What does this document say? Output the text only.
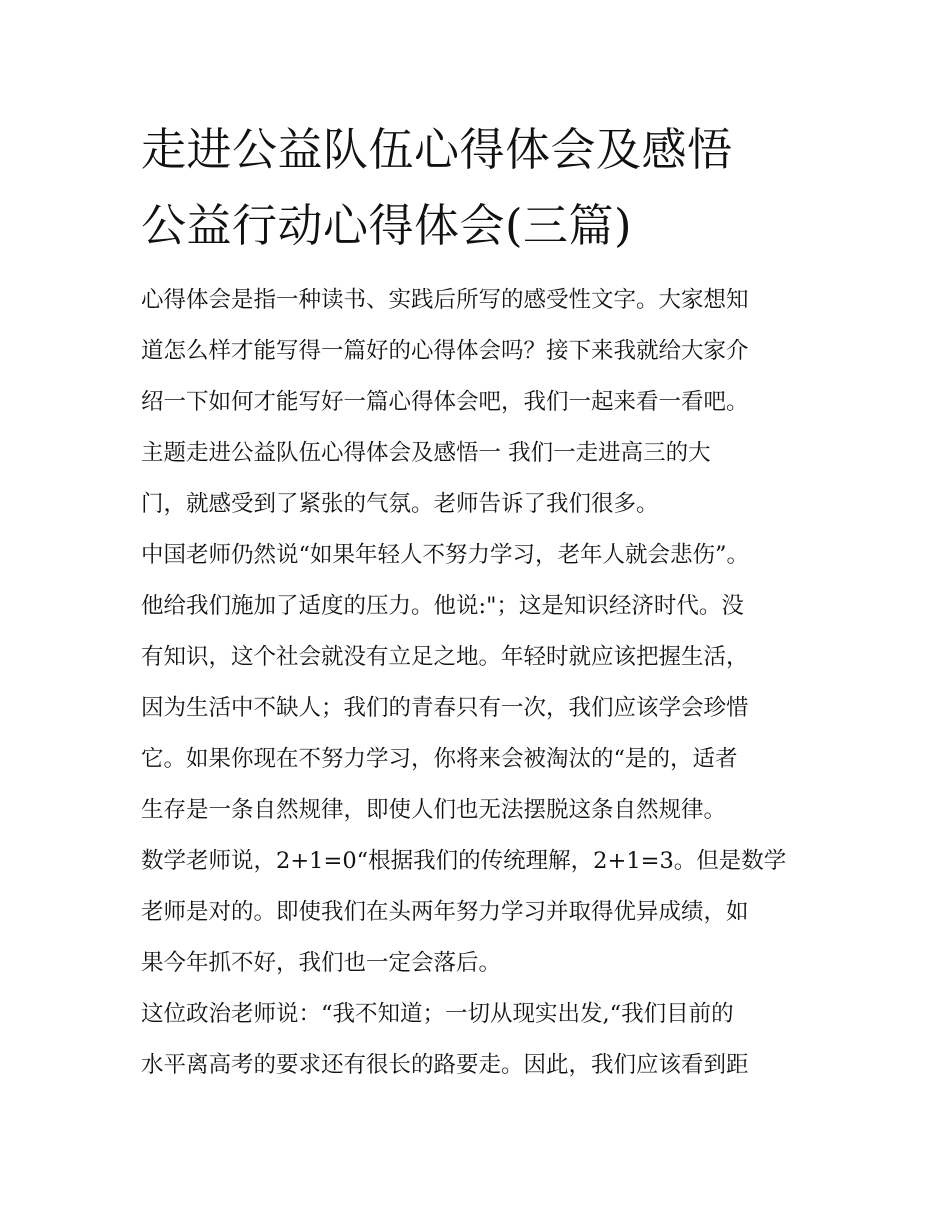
走进公益队伍心得体会及感悟
公益行动心得体会(三篇)
心得体会是指一种读书、实践后所写的感受性文字。大家想知
道怎么样才能写得一篇好的心得体会吗？接下来我就给大家介
绍一下如何才能写好一篇心得体会吧，我们一起来看一看吧。
主题走进公益队伍心得体会及感悟一 我们一走进高三的大
门，就感受到了紧张的气氛。老师告诉了我们很多。
中国老师仍然说“如果年轻人不努力学习，老年人就会悲伤”。
他给我们施加了适度的压力。他说:"；这是知识经济时代。没
有知识，这个社会就没有立足之地。年轻时就应该把握生活，
因为生活中不缺人；我们的青春只有一次，我们应该学会珍惜
它。如果你现在不努力学习，你将来会被淘汰的“是的，适者
生存是一条自然规律，即使人们也无法摆脱这条自然规律。
数学老师说，2+1=0“根据我们的传统理解，2+1=3。但是数学
老师是对的。即使我们在头两年努力学习并取得优异成绩，如
果今年抓不好，我们也一定会落后。
这位政治老师说：“我不知道；一切从现实出发,“我们目前的
水平离高考的要求还有很长的路要走。因此，我们应该看到距
